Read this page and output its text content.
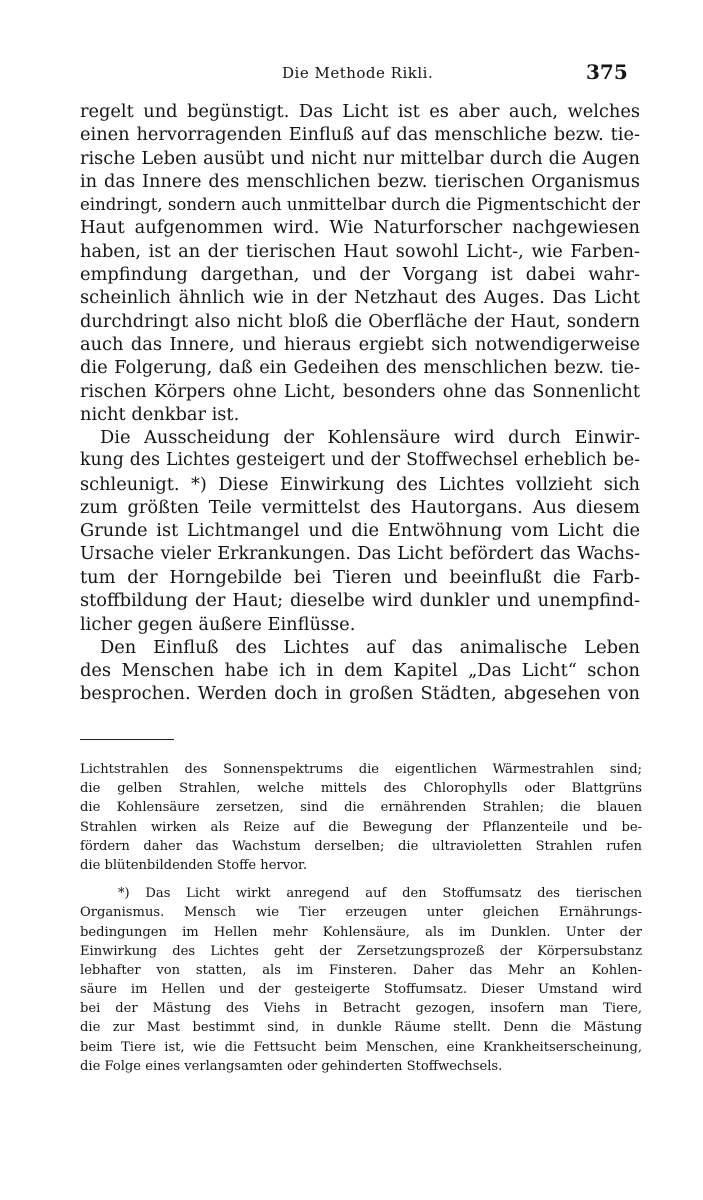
Die Methode Rikli.	375
regelt und begünstigt. Das Licht ist es aber auch, welches
einen hervorragenden Einfluß auf das menschliche bezw. tie-
rische Leben ausübt und nicht nur mittelbar durch die Augen
in das Innere des menschlichen bezw. tierischen Organismus
eindringt, sondern auch unmittelbar durch die Pigmentschicht der
Haut aufgenommen wird. Wie Naturforscher nachgewiesen
haben, ist an der tierischen Haut sowohl Licht-, wie Farben-
empfindung dargethan, und der Vorgang ist dabei wahr-
scheinlich ähnlich wie in der Netzhaut des Auges. Das Licht
durchdringt also nicht bloß die Oberfläche der Haut, sondern
auch das Innere, und hieraus ergiebt sich notwendigerweise
die Folgerung, daß ein Gedeihen des menschlichen bezw. tie-
rischen Körpers ohne Licht, besonders ohne das Sonnenlicht
nicht denkbar ist.
Die Ausscheidung der Kohlensäure wird durch Einwir-
kung des Lichtes gesteigert und der Stoffwechsel erheblich be-
schleunigt. *) Diese Einwirkung des Lichtes vollzieht sich
zum größten Teile vermittelst des Hautorgans. Aus diesem
Grunde ist Lichtmangel und die Entwöhnung vom Licht die
Ursache vieler Erkrankungen. Das Licht befördert das Wachs-
tum der Horngebilde bei Tieren und beeinflußt die Farb-
stoffbildung der Haut; dieselbe wird dunkler und unempfind-
licher gegen äußere Einflüsse.
Den Einfluß des Lichtes auf das animalische Leben
des Menschen habe ich in dem Kapitel „Das Licht“ schon
besprochen. Werden doch in großen Städten, abgesehen von
Lichtstrahlen des Sonnenspektrums die eigentlichen Wärmestrahlen sind;
die gelben Strahlen, welche mittels des Chlorophylls oder Blattgrüns
die Kohlensäure zersetzen, sind die ernährenden Strahlen; die blauen
Strahlen wirken als Reize auf die Bewegung der Pflanzenteile und be-
fördern daher das Wachstum derselben; die ultravioletten Strahlen rufen
die blütenbildenden Stoffe hervor.
*) Das Licht wirkt anregend auf den Stoffumsatz des tierischen
Organismus. Mensch wie Tier erzeugen unter gleichen Ernährungs-
bedingungen im Hellen mehr Kohlensäure, als im Dunklen. Unter der
Einwirkung des Lichtes geht der Zersetzungsprozeß der Körpersubstanz
lebhafter von statten, als im Finsteren. Daher das Mehr an Kohlen-
säure im Hellen und der gesteigerte Stoffumsatz. Dieser Umstand wird
bei der Mästung des Viehs in Betracht gezogen, insofern man Tiere,
die zur Mast bestimmt sind, in dunkle Räume stellt. Denn die Mästung
beim Tiere ist, wie die Fettsucht beim Menschen, eine Krankheitserscheinung,
die Folge eines verlangsamten oder gehinderten Stoffwechsels.
